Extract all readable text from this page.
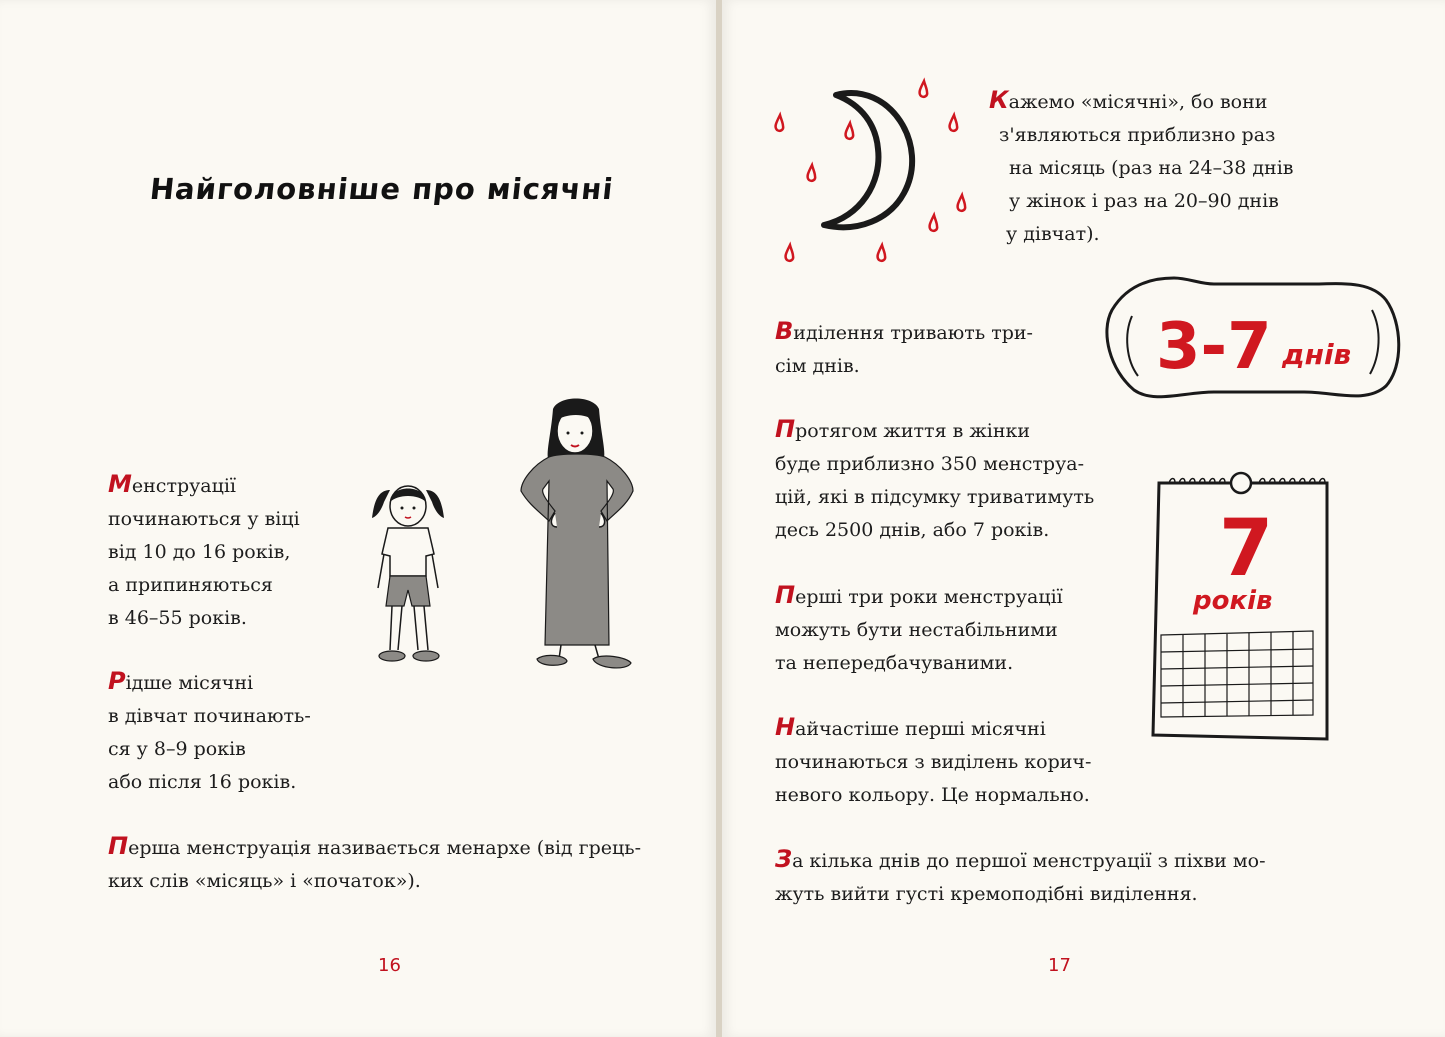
Найголовніше про місячні
Менструації
починаються у віці
від 10 до 16 років,
а припиняються
в 46–55 років.
Рідше місячні
в дівчат починають-
ся у 8–9 років
або після 16 років.
Перша менструація називається менархе (від грець-
ких слів «місяць» і «початок»).
16
Кажемо «місячні», бо вони
з'являються приблизно раз
на місяць (раз на 24–38 днів
у жінок і раз на 20–90 днів
у дівчат).
Виділення тривають три-
сім днів.	3-7 днів
Протягом життя в жінки
буде приблизно 350 менструа-
цій, які в підсумку триватимуть
десь 2500 днів, або 7 років.	7
років
Перші три роки менструації
можуть бути нестабільними
та непередбачуваними.
Найчастіше перші місячні
починаються з виділень корич-
невого кольору. Це нормально.
За кілька днів до першої менструації з піхви мо-
жуть вийти густі кремоподібні виділення.
17
